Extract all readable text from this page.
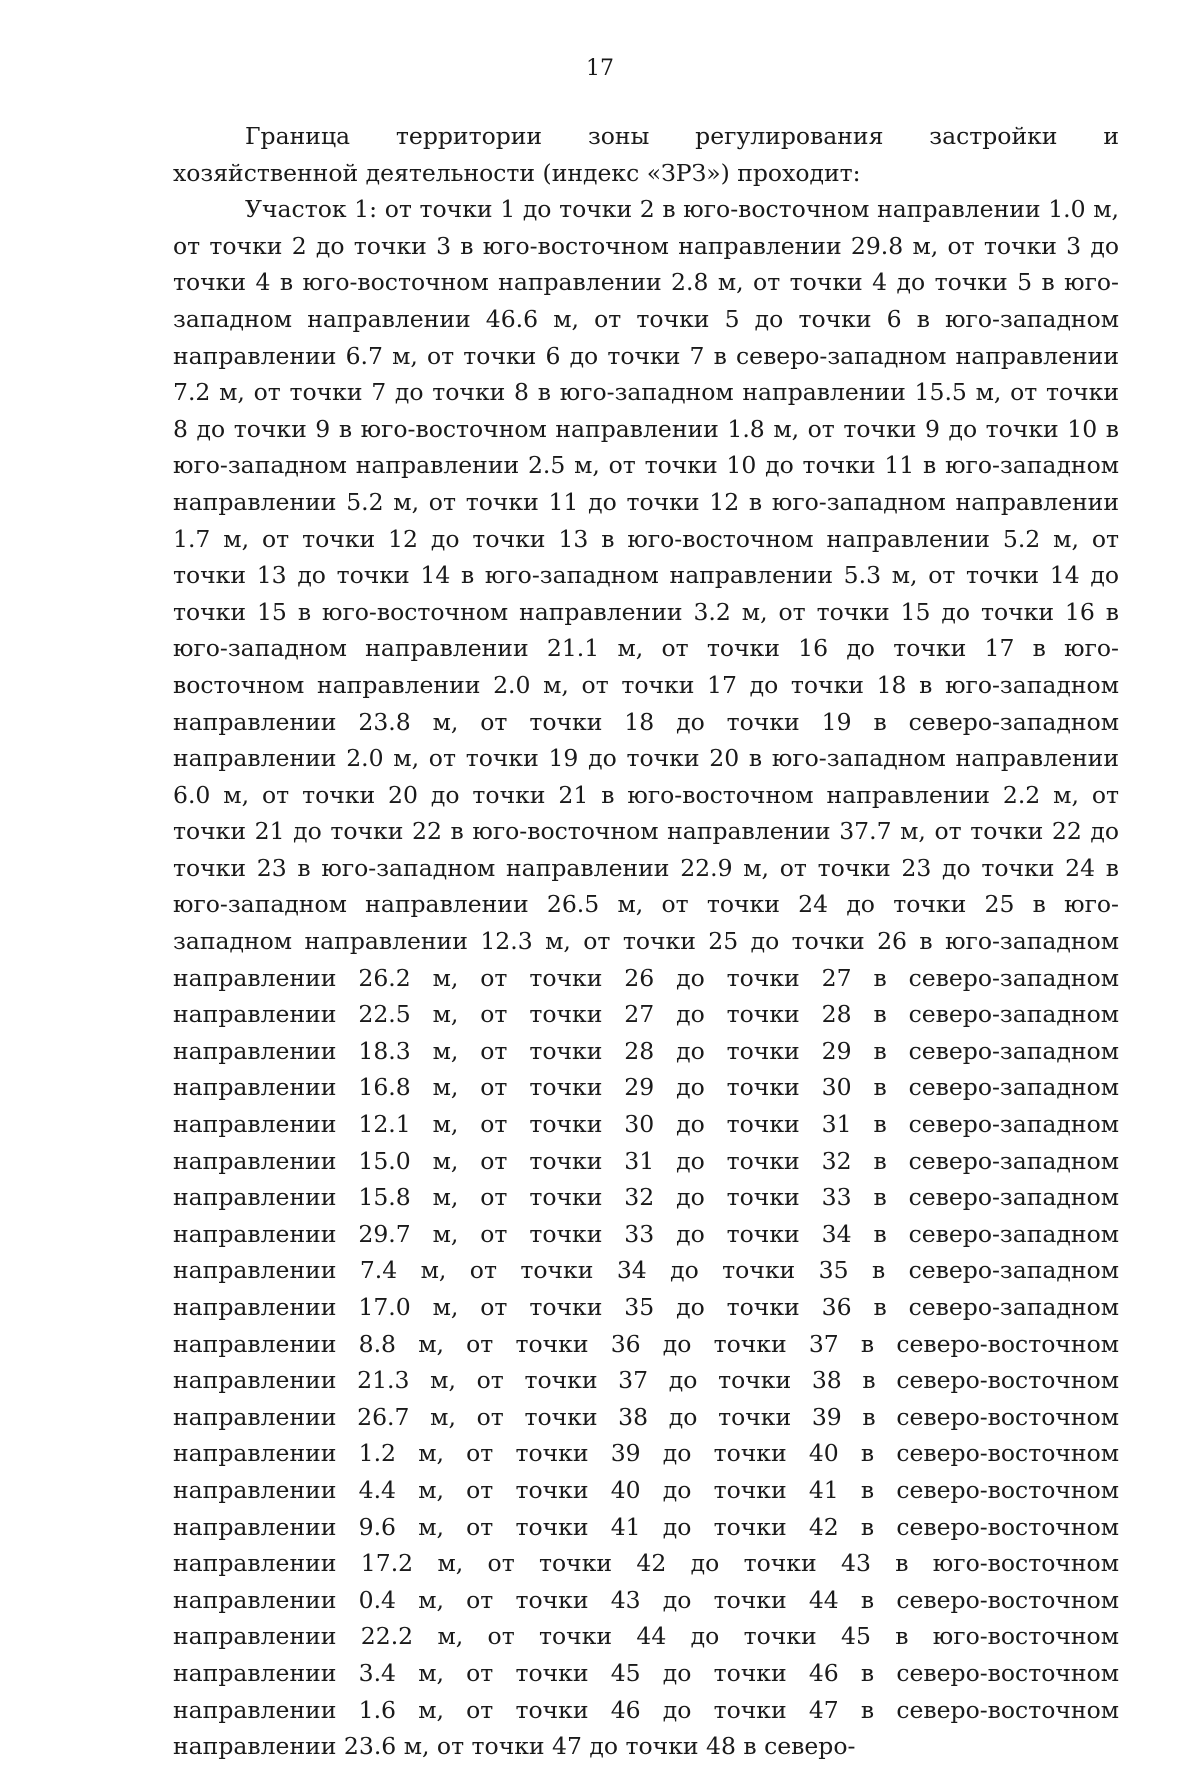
17

Граница территории зоны регулирования застройки и хозяйственной деятельности (индекс «ЗРЗ») проходит:

Участок 1: от точки 1 до точки 2 в юго-восточном направлении 1.0 м, от точки 2 до точки 3 в юго-восточном направлении 29.8 м, от точки 3 до точки 4 в юго-восточном направлении 2.8 м, от точки 4 до точки 5 в юго-западном направлении 46.6 м, от точки 5 до точки 6 в юго-западном направлении 6.7 м, от точки 6 до точки 7 в северо-западном направлении 7.2 м, от точки 7 до точки 8 в юго-западном направлении 15.5 м, от точки 8 до точки 9 в юго-восточном направлении 1.8 м, от точки 9 до точки 10 в юго-западном направлении 2.5 м, от точки 10 до точки 11 в юго-западном направлении 5.2 м, от точки 11 до точки 12 в юго-западном направлении 1.7 м, от точки 12 до точки 13 в юго-восточном направлении 5.2 м, от точки 13 до точки 14 в юго-западном направлении 5.3 м, от точки 14 до точки 15 в юго-восточном направлении 3.2 м, от точки 15 до точки 16 в юго-западном направлении 21.1 м, от точки 16 до точки 17 в юго-восточном направлении 2.0 м, от точки 17 до точки 18 в юго-западном направлении 23.8 м, от точки 18 до точки 19 в северо-западном направлении 2.0 м, от точки 19 до точки 20 в юго-западном направлении 6.0 м, от точки 20 до точки 21 в юго-восточном направлении 2.2 м, от точки 21 до точки 22 в юго-восточном направлении 37.7 м, от точки 22 до точки 23 в юго-западном направлении 22.9 м, от точки 23 до точки 24 в юго-западном направлении 26.5 м, от точки 24 до точки 25 в юго-западном направлении 12.3 м, от точки 25 до точки 26 в юго-западном направлении 26.2 м, от точки 26 до точки 27 в северо-западном направлении 22.5 м, от точки 27 до точки 28 в северо-западном направлении 18.3 м, от точки 28 до точки 29 в северо-западном направлении 16.8 м, от точки 29 до точки 30 в северо-западном направлении 12.1 м, от точки 30 до точки 31 в северо-западном направлении 15.0 м, от точки 31 до точки 32 в северо-западном направлении 15.8 м, от точки 32 до точки 33 в северо-западном направлении 29.7 м, от точки 33 до точки 34 в северо-западном направлении 7.4 м, от точки 34 до точки 35 в северо-западном направлении 17.0 м, от точки 35 до точки 36 в северо-западном направлении 8.8 м, от точки 36 до точки 37 в северо-восточном направлении 21.3 м, от точки 37 до точки 38 в северо-восточном направлении 26.7 м, от точки 38 до точки 39 в северо-восточном направлении 1.2 м, от точки 39 до точки 40 в северо-восточном направлении 4.4 м, от точки 40 до точки 41 в северо-восточном направлении 9.6 м, от точки 41 до точки 42 в северо-восточном направлении 17.2 м, от точки 42 до точки 43 в юго-восточном направлении 0.4 м, от точки 43 до точки 44 в северо-восточном направлении 22.2 м, от точки 44 до точки 45 в юго-восточном направлении 3.4 м, от точки 45 до точки 46 в северо-восточном направлении 1.6 м, от точки 46 до точки 47 в северо-восточном направлении 23.6 м, от точки 47 до точки 48 в северо-
